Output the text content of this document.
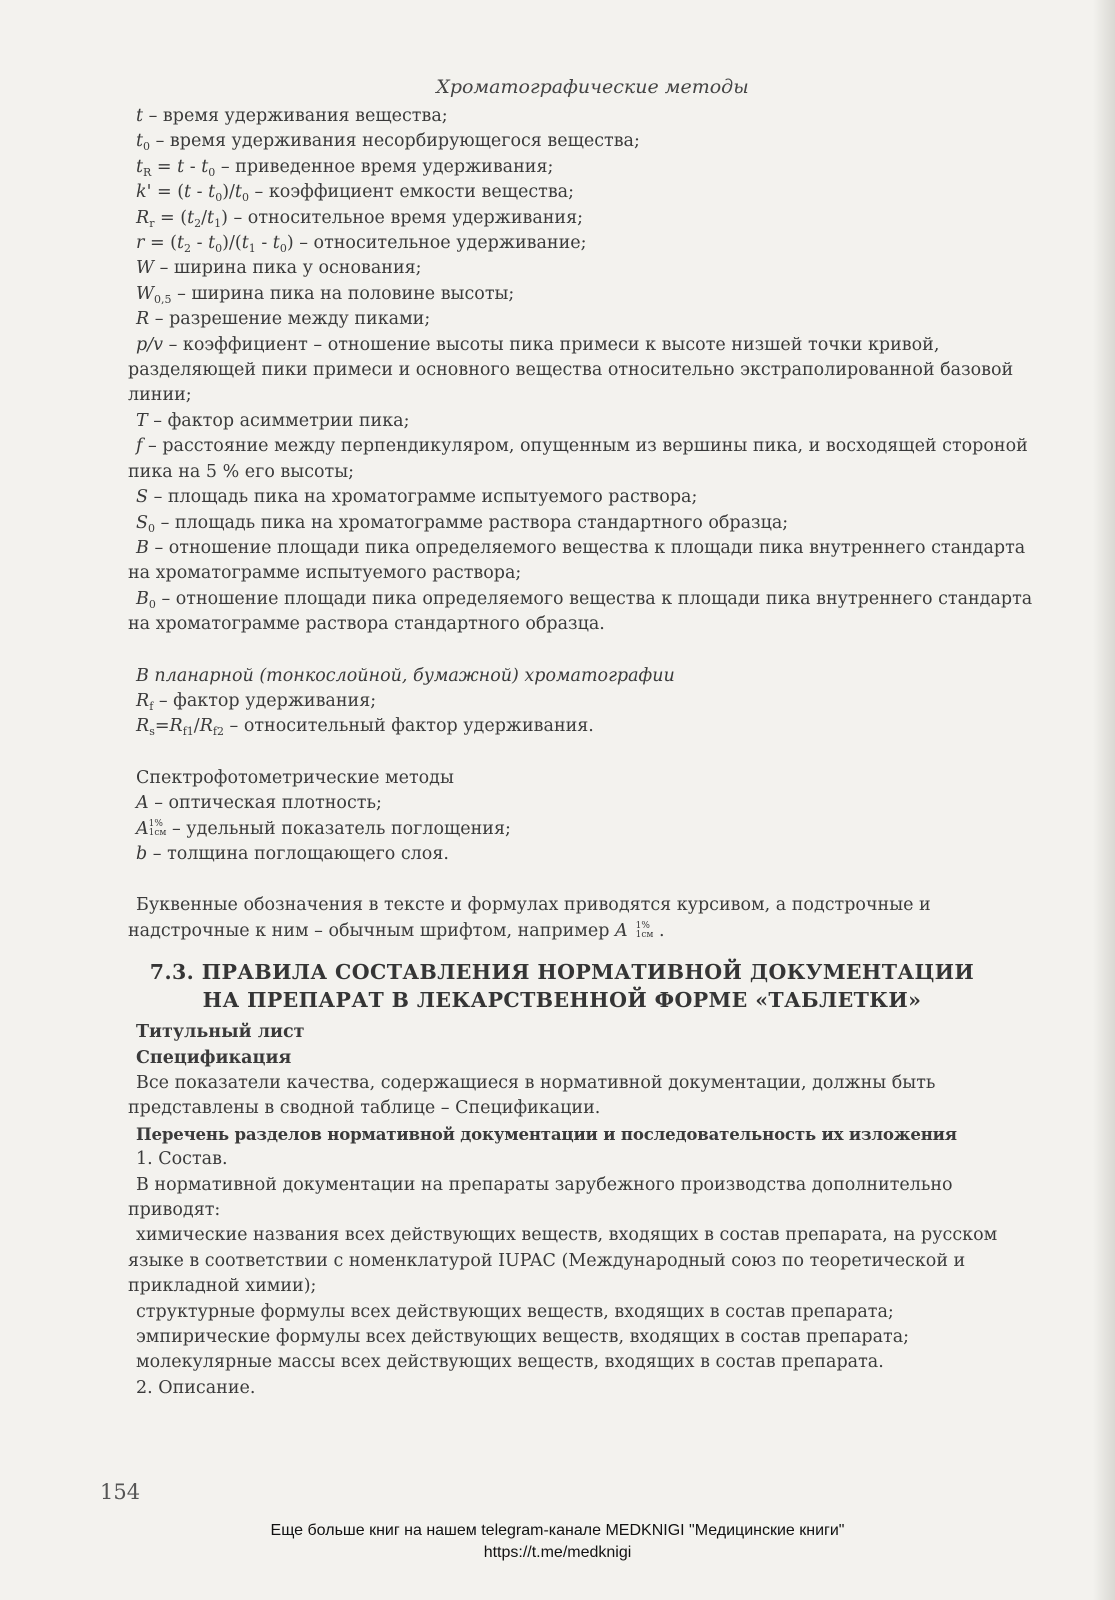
Хроматографические методы

t – время удерживания вещества;

$t_0$ – время удерживания несорбирующегося вещества;

$t_R = t - t_0$ – приведенное время удерживания;

$k' = (t - t_0)/t_0$ – коэффициент емкости вещества;

$R_r = (t_2/t_1)$ – относительное время удерживания;

$r = (t_2 - t_0)/(t_1 - t_0)$ – относительное удерживание;

W – ширина пика у основания;

$W_{0,5}$ – ширина пика на половине высоты;

R – разрешение между пиками;

p/v – коэффициент – отношение высоты пика примеси к высоте низшей точки кривой, разделяющей пики примеси и основного вещества относительно экстраполированной базовой линии;

T – фактор асимметрии пика;

f – расстояние между перпендикуляром, опущенным из вершины пика, и восходящей стороной пика на 5 % его высоты;

S – площадь пика на хроматограмме испытуемого раствора;

$S_0$ – площадь пика на хроматограмме раствора стандартного образца;

B – отношение площади пика определяемого вещества к площади пика внутреннего стандарта на хроматограмме испытуемого раствора;

$B_0$ – отношение площади пика определяемого вещества к площади пика внутреннего стандарта на хроматограмме раствора стандартного образца.

В планарной (тонкослойной, бумажной) хроматографии

$R_f$ – фактор удерживания;

$R_s=R_{f1}/R_{f2}$ – относительный фактор удерживания.

Спектрофотометрические методы

A – оптическая плотность;

A 1%
1см – удельный показатель поглощения;

b – толщина поглощающего слоя.

Буквенные обозначения в тексте и формулах приводятся курсивом, а подстрочные и надстрочные к ним – обычным шрифтом, например A 1%
1см .

7.3. ПРАВИЛА СОСТАВЛЕНИЯ НОРМАТИВНОЙ ДОКУМЕНТАЦИИ
НА ПРЕПАРАТ В ЛЕКАРСТВЕННОЙ ФОРМЕ «ТАБЛЕТКИ»

Титульный лист

Спецификация

Все показатели качества, содержащиеся в нормативной документации, должны быть представлены в сводной таблице – Спецификации.

Перечень разделов нормативной документации и последовательность их изложения

1. Состав.

В нормативной документации на препараты зарубежного производства дополнительно приводят:

химические названия всех действующих веществ, входящих в состав препарата, на русском языке в соответствии с номенклатурой IUPAC (Международный союз по теоретической и прикладной химии);

структурные формулы всех действующих веществ, входящих в состав препарата;

эмпирические формулы всех действующих веществ, входящих в состав препарата;

молекулярные массы всех действующих веществ, входящих в состав препарата.

2. Описание.

154
Еще больше книг на нашем telegram-канале MEDKNIGI "Медицинские книги"
https://t.me/medknigi
